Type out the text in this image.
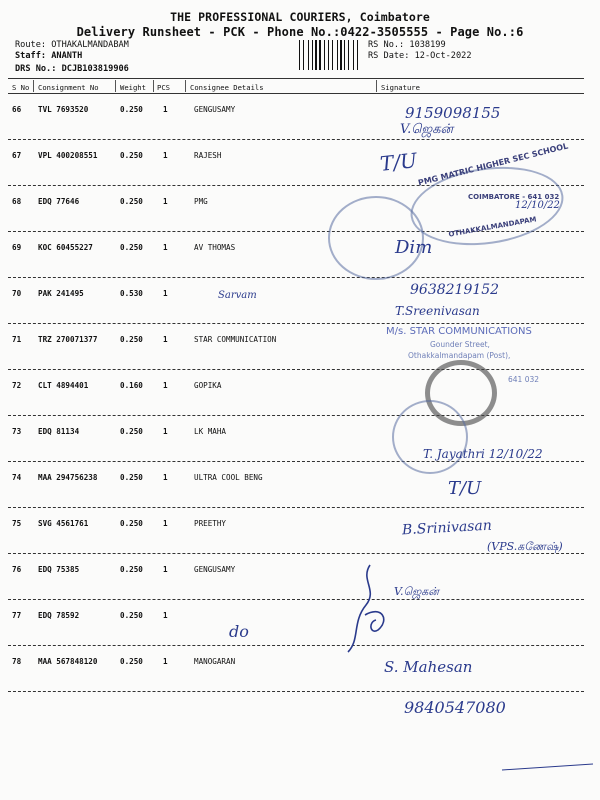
THE PROFESSIONAL COURIERS, Coimbatore
Delivery Runsheet - PCK - Phone No.:0422-3505555 - Page No.:6
Route: OTHAKALMANDABAM
Staff: ANANTH
DRS No.: DCJB103819906
RS No.: 1038199
RS Date: 12-Oct-2022
S No Consignment No	Weight PCS	Consignee Details	Signature
66 TVL 7693520	0.250	1	GENGUSAMY
67 VPL 400208551	0.250	1	RAJESH
68 EDQ 77646	0.250	1	PMG
69 KOC 60455227	0.250	1	AV THOMAS
70 PAK 241495	0.530	1
71 TRZ 270071377	0.250	1	STAR COMMUNICATION
72 CLT 4894401	0.160	1	GOPIKA
73 EDQ 81134	0.250	1	LK MAHA
74 MAA 294756238	0.250	1	ULTRA COOL BENG
75 SVG 4561761	0.250	1	PREETHY
76 EDQ 75385	0.250	1	GENGUSAMY
77 EDQ 78592	0.250	1
78 MAA 567848120	0.250	1	MANOGARAN
PMG MATRIC HIGHER SEC SCHOOL
COIMBATORE - 641 032
OTHAKKALMANDAPAM
12/10/22
M/s. STAR COMMUNICATIONS
Gounder Street,
Othakkalmandapam (Post),
641 032
9159098155
V.ஜெகன்
T/U
Dim
Sarvam	9638219152
T.Sreenivasan
T. Jayathri 12/10/22
T/U
B.Srinivasan
(VPS.கணேஷ்)
V.ஜெகன்
do
S. Mahesan
9840547080
